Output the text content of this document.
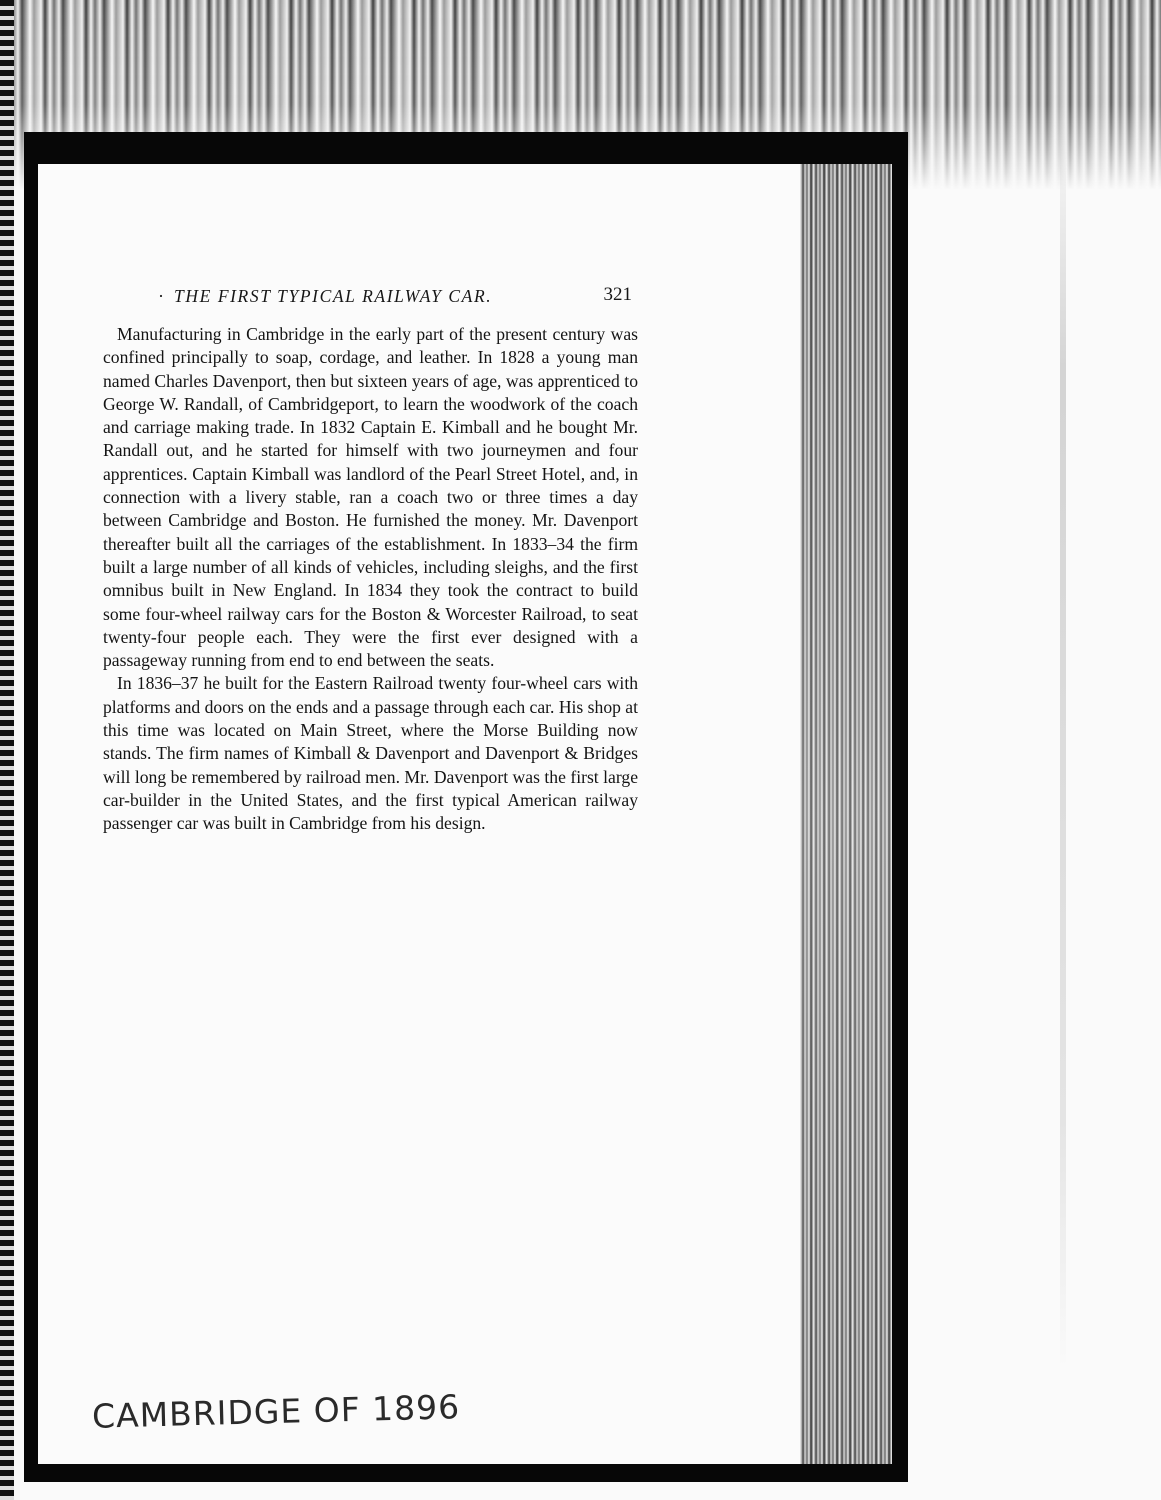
· THE FIRST TYPICAL RAILWAY CAR.	321

Manufacturing in Cambridge in the early part of the present century was confined principally to soap, cordage, and leather. In 1828 a young man named Charles Davenport, then but sixteen years of age, was apprenticed to George W. Randall, of Cambridgeport, to learn the woodwork of the coach and carriage making trade. In 1832 Captain E. Kimball and he bought Mr. Randall out, and he started for himself with two journeymen and four apprentices. Captain Kimball was landlord of the Pearl Street Hotel, and, in connection with a livery stable, ran a coach two or three times a day between Cambridge and Boston. He furnished the money. Mr. Davenport thereafter built all the carriages of the establishment. In 1833–34 the firm built a large number of all kinds of vehicles, including sleighs, and the first omnibus built in New England. In 1834 they took the contract to build some four-wheel railway cars for the Boston & Worcester Railroad, to seat twenty-four people each. They were the first ever designed with a passageway running from end to end between the seats.

In 1836–37 he built for the Eastern Railroad twenty four-wheel cars with platforms and doors on the ends and a passage through each car. His shop at this time was located on Main Street, where the Morse Building now stands. The firm names of Kimball & Davenport and Davenport & Bridges will long be remembered by railroad men. Mr. Davenport was the first large car-builder in the United States, and the first typical American railway passenger car was built in Cambridge from his design.

CAMBRIDGE OF 1896
